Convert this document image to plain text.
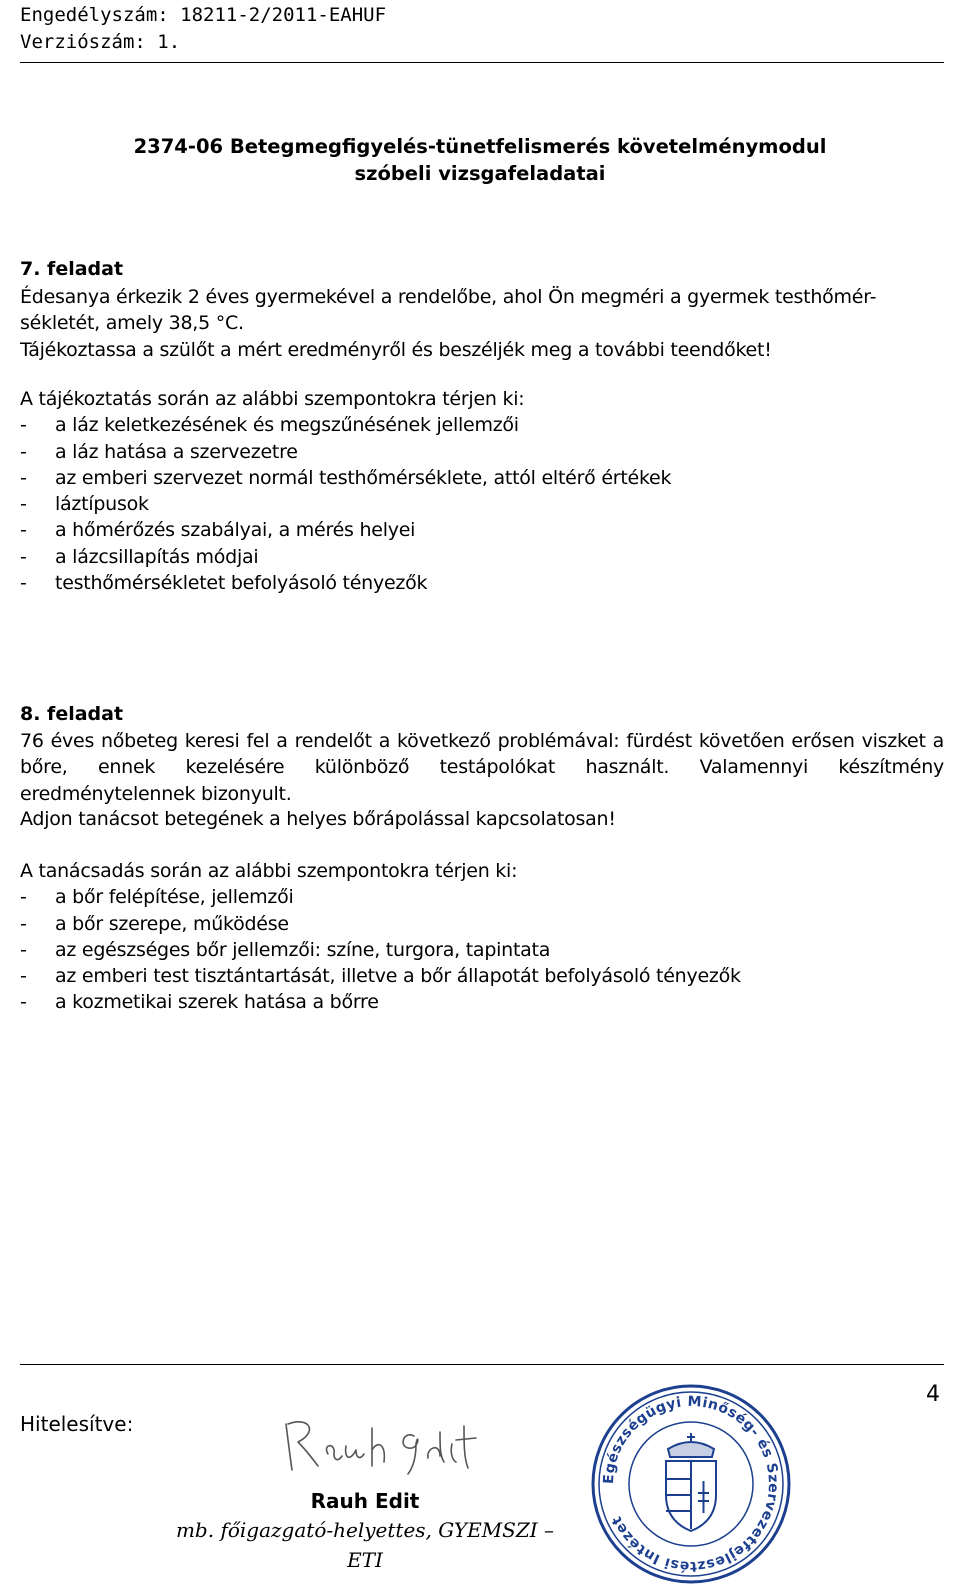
Engedélyszám: 18211-2/2011-EAHUF
Verziószám: 1.
2374-06 Betegmegfigyelés-tünetfelismerés követelménymodul
szóbeli vizsgafeladatai
7. feladat
Édesanya érkezik 2 éves gyermekével a rendelőbe, ahol Ön megméri a gyermek testhőmér-
sékletét, amely 38,5 °C.
Tájékoztassa a szülőt a mért eredményről és beszéljék meg a további teendőket!
A tájékoztatás során az alábbi szempontokra térjen ki:
-	a láz keletkezésének és megszűnésének jellemzői
-	a láz hatása a szervezetre
-	az emberi szervezet normál testhőmérséklete, attól eltérő értékek
-	láztípusok
-	a hőmérőzés szabályai, a mérés helyei
-	a lázcsillapítás módjai
-	testhőmérsékletet befolyásoló tényezők
8. feladat
76 éves nőbeteg keresi fel a rendelőt a következő problémával: fürdést követően erősen viszket a bőre, ennek kezelésére különböző testápolókat használt. Valamennyi készítmény eredménytelennek bizonyult.
Adjon tanácsot betegének a helyes bőrápolással kapcsolatosan!
A tanácsadás során az alábbi szempontokra térjen ki:
-	a bőr felépítése, jellemzői
-	a bőr szerepe, működése
-	az egészséges bőr jellemzői: színe, turgora, tapintata
-	az emberi test tisztántartását, illetve a bőr állapotát befolyásoló tényezők
-	a kozmetikai szerek hatása a bőrre
4
Hitelesítve:
Rauh Edit
mb. főigazgató-helyettes, GYEMSZI – ETI
Egészségügyi Minőség- és Szervezetfejlesztési Intézet
